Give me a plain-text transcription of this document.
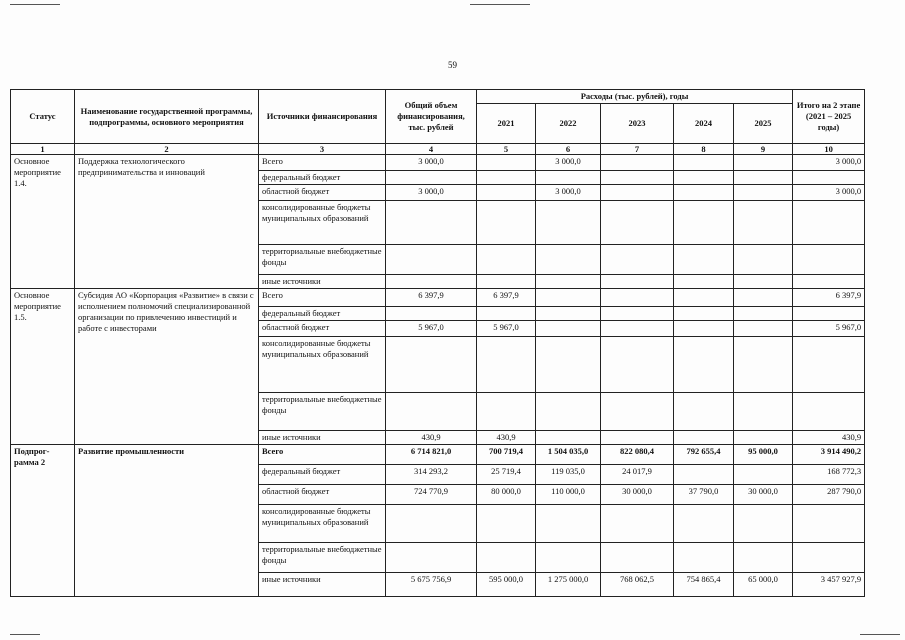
59
Статус	Наименование государственной программы, подпрограммы, основного мероприятия	Источники финансирования	Общий объем финансирования, тыс. рублей	Расходы (тыс. рублей), годы					Итого на 2 этапе (2021 – 2025 годы)
				2021	2022	2023	2024	2025	
1	2	3	4	5	6	7	8	9	10
Основное мероприятие 1.4.	Поддержка технологического предпринимательства и инноваций	Всего	3 000,0		3 000,0				3 000,0
		федеральный бюджет							
		областной бюджет	3 000,0		3 000,0				3 000,0
		консолидированные бюджеты муниципальных образований							
		территориальные внебюджетные фонды							
		иные источники							
Основное мероприятие 1.5.	Субсидия АО «Корпорация «Развитие» в связи с исполнением полномочий специализированной организации по привлечению инвестиций и работе с инвесторами	Всего	6 397,9	6 397,9					6 397,9
		федеральный бюджет							
		областной бюджет	5 967,0	5 967,0					5 967,0
		консолидированные бюджеты муниципальных образований							
		территориальные внебюджетные фонды							
		иные источники	430,9	430,9					430,9
Подпрог-рамма 2	Развитие промышленности	Всего	6 714 821,0	700 719,4	1 504 035,0	822 080,4	792 655,4	95 000,0	3 914 490,2
		федеральный бюджет	314 293,2	25 719,4	119 035,0	24 017,9			168 772,3
		областной бюджет	724 770,9	80 000,0	110 000,0	30 000,0	37 790,0	30 000,0	287 790,0
		консолидированные бюджеты муниципальных образований							
		территориальные внебюджетные фонды							
		иные источники	5 675 756,9	595 000,0	1 275 000,0	768 062,5	754 865,4	65 000,0	3 457 927,9
